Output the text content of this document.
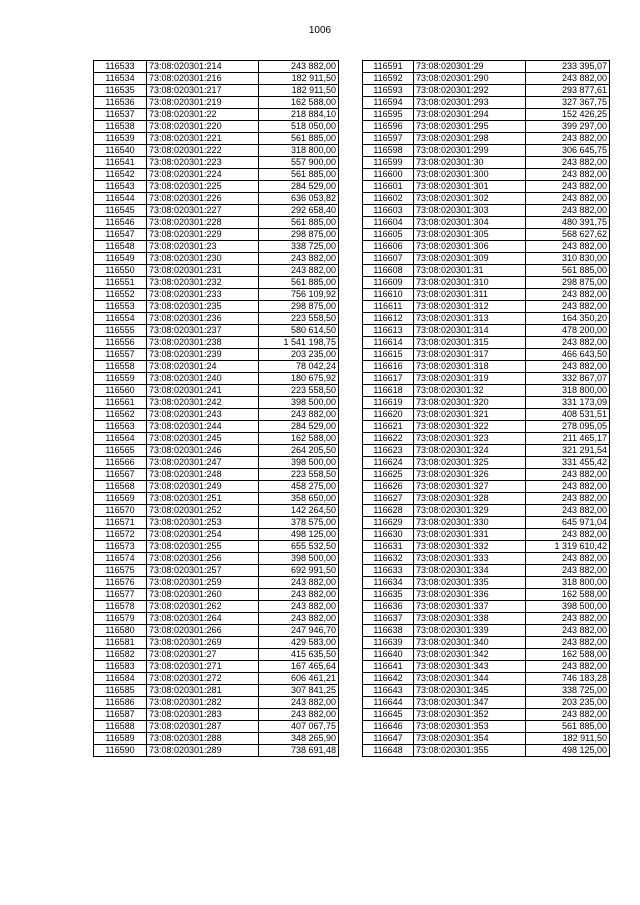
1006
116533	73:08:020301:214	243 882,00
116534	73:08:020301:216	182 911,50
116535	73:08:020301:217	182 911,50
116536	73:08:020301:219	162 588,00
116537	73:08:020301:22	218 884,10
116538	73:08:020301:220	518 050,00
116539	73:08:020301:221	561 885,00
116540	73:08:020301:222	318 800,00
116541	73:08:020301:223	557 900,00
116542	73:08:020301:224	561 885,00
116543	73:08:020301:225	284 529,00
116544	73:08:020301:226	636 053,82
116545	73:08:020301:227	292 658,40
116546	73:08:020301:228	561 885,00
116547	73:08:020301:229	298 875,00
116548	73:08:020301:23	338 725,00
116549	73:08:020301:230	243 882,00
116550	73:08:020301:231	243 882,00
116551	73:08:020301:232	561 885,00
116552	73:08:020301:233	756 109,92
116553	73:08:020301:235	298 875,00
116554	73:08:020301:236	223 558,50
116555	73:08:020301:237	580 614,50
116556	73:08:020301:238	1 541 198,75
116557	73:08:020301:239	203 235,00
116558	73:08:020301:24	78 042,24
116559	73:08:020301:240	180 675,92
116560	73:08:020301:241	223 558,50
116561	73:08:020301:242	398 500,00
116562	73:08:020301:243	243 882,00
116563	73:08:020301:244	284 529,00
116564	73:08:020301:245	162 588,00
116565	73:08:020301:246	264 205,50
116566	73:08:020301:247	398 500,00
116567	73:08:020301:248	223 558,50
116568	73:08:020301:249	458 275,00
116569	73:08:020301:251	358 650,00
116570	73:08:020301:252	142 264,50
116571	73:08:020301:253	378 575,00
116572	73:08:020301:254	498 125,00
116573	73:08:020301:255	655 532,50
116574	73:08:020301:256	398 500,00
116575	73:08:020301:257	692 991,50
116576	73:08:020301:259	243 882,00
116577	73:08:020301:260	243 882,00
116578	73:08:020301:262	243 882,00
116579	73:08:020301:264	243 882,00
116580	73:08:020301:266	247 946,70
116581	73:08:020301:269	429 583,00
116582	73:08:020301:27	415 635,50
116583	73:08:020301:271	167 465,64
116584	73:08:020301:272	606 461,21
116585	73:08:020301:281	307 841,25
116586	73:08:020301:282	243 882,00
116587	73:08:020301:283	243 882,00
116588	73:08:020301:287	407 067,75
116589	73:08:020301:288	348 265,90
116590	73:08:020301:289	738 691,48
116591	73:08:020301:29	233 395,07
116592	73:08:020301:290	243 882,00
116593	73:08:020301:292	293 877,61
116594	73:08:020301:293	327 367,75
116595	73:08:020301:294	152 426,25
116596	73:08:020301:295	399 297,00
116597	73:08:020301:298	243 882,00
116598	73:08:020301:299	306 645,75
116599	73:08:020301:30	243 882,00
116600	73:08:020301:300	243 882,00
116601	73:08:020301:301	243 882,00
116602	73:08:020301:302	243 882,00
116603	73:08:020301:303	243 882,00
116604	73:08:020301:304	480 391,75
116605	73:08:020301:305	568 627,62
116606	73:08:020301:306	243 882,00
116607	73:08:020301:309	310 830,00
116608	73:08:020301:31	561 885,00
116609	73:08:020301:310	298 875,00
116610	73:08:020301:311	243 882,00
116611	73:08:020301:312	243 882,00
116612	73:08:020301:313	164 350,20
116613	73:08:020301:314	478 200,00
116614	73:08:020301:315	243 882,00
116615	73:08:020301:317	466 643,50
116616	73:08:020301:318	243 882,00
116617	73:08:020301:319	332 867,07
116618	73:08:020301:32	318 800,00
116619	73:08:020301:320	331 173,09
116620	73:08:020301:321	408 531,51
116621	73:08:020301:322	278 095,05
116622	73:08:020301:323	211 465,17
116623	73:08:020301:324	321 291,54
116624	73:08:020301:325	331 455,42
116625	73:08:020301:326	243 882,00
116626	73:08:020301:327	243 882,00
116627	73:08:020301:328	243 882,00
116628	73:08:020301:329	243 882,00
116629	73:08:020301:330	645 971,04
116630	73:08:020301:331	243 882,00
116631	73:08:020301:332	1 319 610,42
116632	73:08:020301:333	243 882,00
116633	73:08:020301:334	243 882,00
116634	73:08:020301:335	318 800,00
116635	73:08:020301:336	162 588,00
116636	73:08:020301:337	398 500,00
116637	73:08:020301:338	243 882,00
116638	73:08:020301:339	243 882,00
116639	73:08:020301:340	243 882,00
116640	73:08:020301:342	162 588,00
116641	73:08:020301:343	243 882,00
116642	73:08:020301:344	746 183,28
116643	73:08:020301:345	338 725,00
116644	73:08:020301:347	203 235,00
116645	73:08:020301:352	243 882,00
116646	73:08:020301:353	561 885,00
116647	73:08:020301:354	182 911,50
116648	73:08:020301:355	498 125,00
